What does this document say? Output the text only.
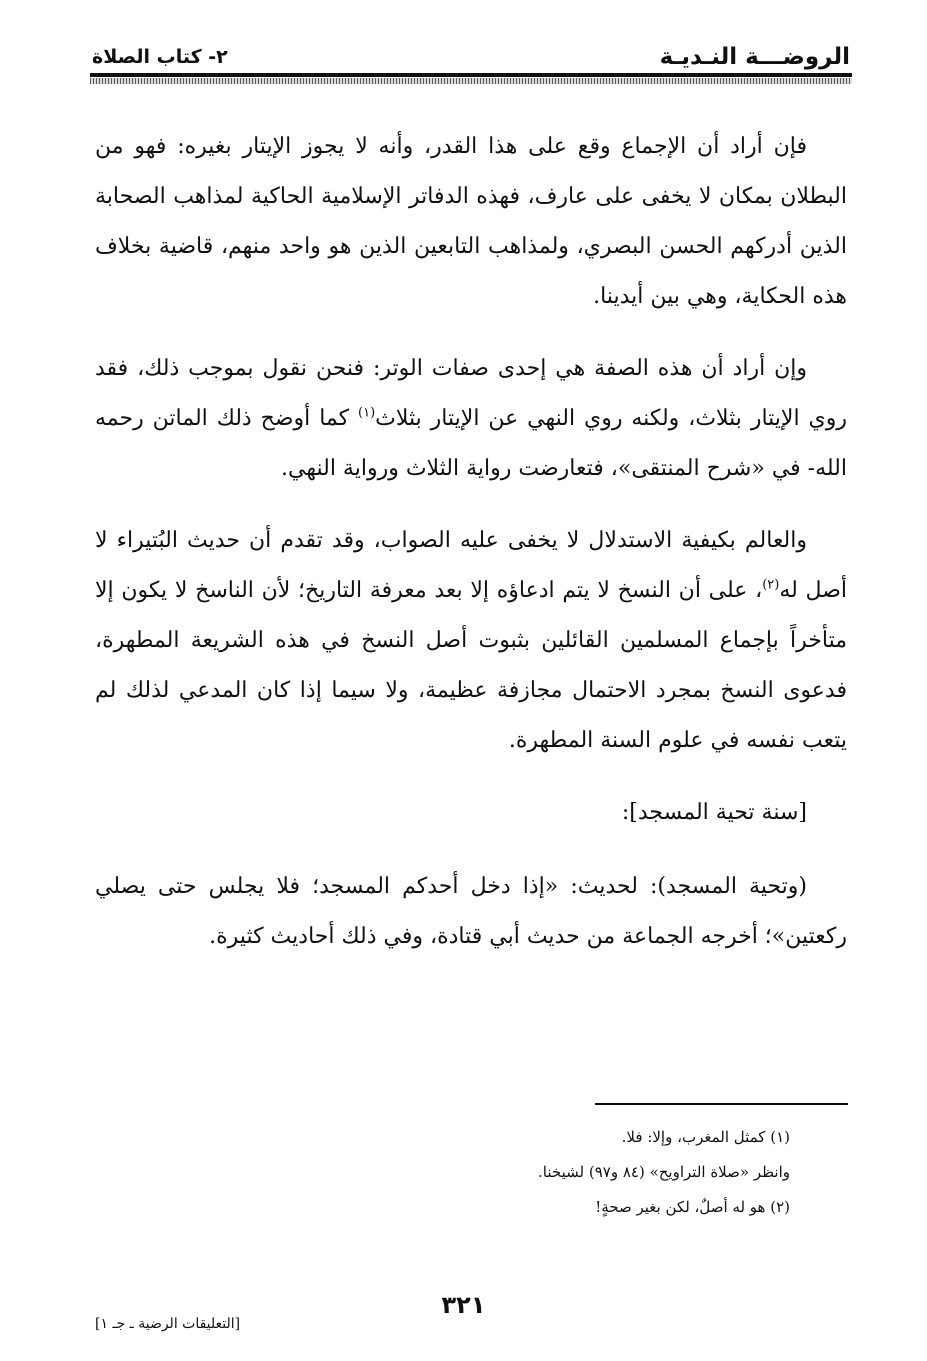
الروضـــة النـديـة
٢- كتاب الصلاة

فإن أراد أن الإجماع وقع على هذا القدر، وأنه لا يجوز الإيتار بغيره: فهو من البطلان بمكان لا يخفى على عارف، فهذه الدفاتر الإسلامية الحاكية لمذاهب الصحابة الذين أدركهم الحسن البصري، ولمذاهب التابعين الذين هو واحد منهم، قاضية بخلاف هذه الحكاية، وهي بين أيدينا.

وإن أراد أن هذه الصفة هي إحدى صفات الوتر: فنحن نقول بموجب ذلك، فقد روي الإيتار بثلاث، ولكنه روي النهي عن الإيتار بثلاث$^{(١)}$ كما أوضح ذلك الماتن رحمه الله- في «شرح المنتقى»، فتعارضت رواية الثلاث ورواية النهي.

والعالم بكيفية الاستدلال لا يخفى عليه الصواب، وقد تقدم أن حديث البُتيراء لا أصل له$^{(٢)}$، على أن النسخ لا يتم ادعاؤه إلا بعد معرفة التاريخ؛ لأن الناسخ لا يكون إلا متأخراً بإجماع المسلمين القائلين بثبوت أصل النسخ في هذه الشريعة المطهرة، فدعوى النسخ بمجرد الاحتمال مجازفة عظيمة، ولا سيما إذا كان المدعي لذلك لم يتعب نفسه في علوم السنة المطهرة.

[سنة تحية المسجد]:

(وتحية المسجد): لحديث: «إذا دخل أحدكم المسجد؛ فلا يجلس حتى يصلي ركعتين»؛ أخرجه الجماعة من حديث أبي قتادة، وفي ذلك أحاديث كثيرة.

(١) كمثل المغرب، وإلا: فلا.
وانظر «صلاة التراويح» (٨٤ و٩٧) لشيخنا.
(٢) هو له أصلٌ، لكن بغير صحةٍ!
٣٢١
[التعليقات الرضية ـ جـ ١]
